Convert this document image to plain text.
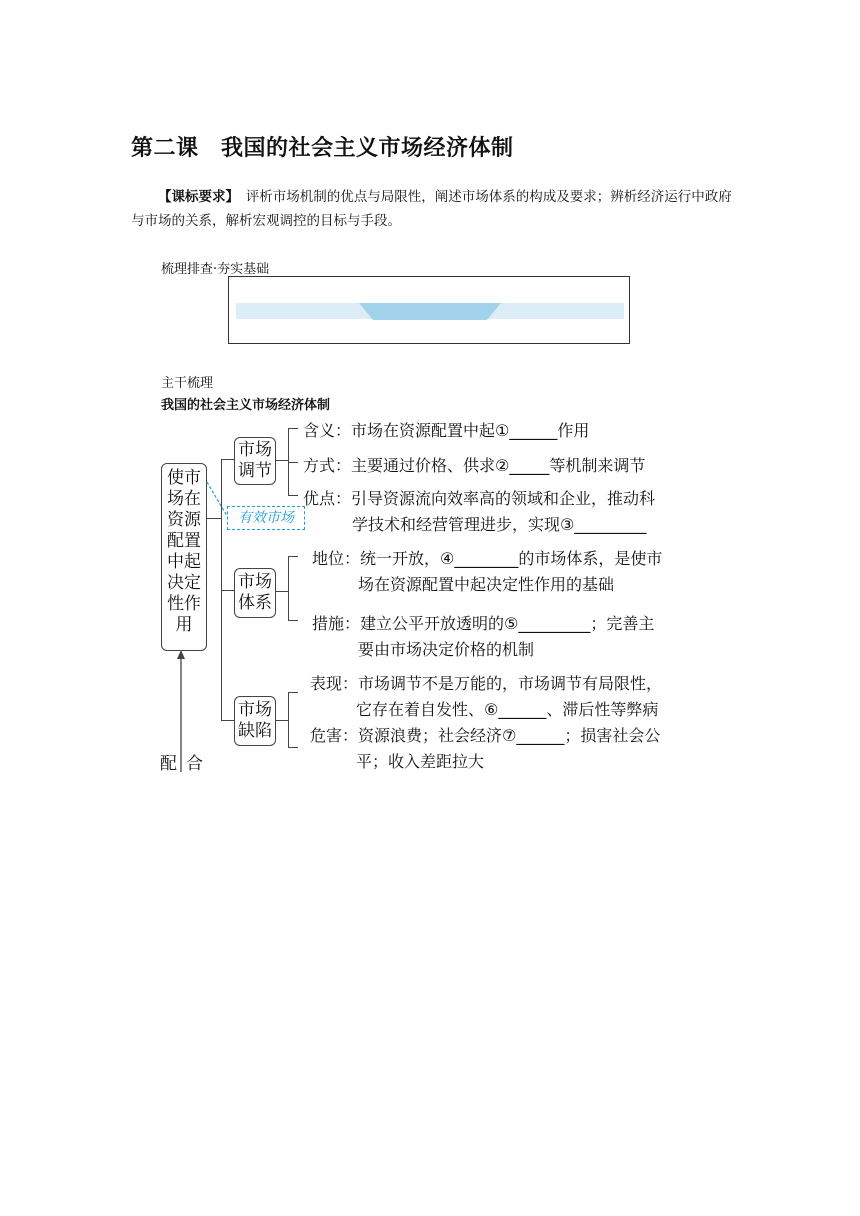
第二课　我国的社会主义市场经济体制

【课标要求】　 评析市场机制的优点与局限性，阐述市场体系的构成及要求；辨析经济运行中政府与市场的关系，解析宏观调控的目标与手段。

梳理排查·夯实基础
主干梳理
我国的社会主义市场经济体制
使市
场在
资源
配置
中起
决定
性作
用
有效市场
市场
调节
含义：市场在资源配置中起①______作用
方式：主要通过价格、供求②_____等机制来调节
优点：引导资源流向效率高的领域和企业，推动科
学技术和经营管理进步，实现③_________
市场
体系
地位：统一开放，④________的市场体系，是使市
场在资源配置中起决定性作用的基础
措施：建立公平开放透明的⑤_________；完善主
要由市场决定价格的机制
市场
缺陷
表现：市场调节不是万能的，市场调节有局限性，
它存在着自发性、⑥______、滞后性等弊病
危害：资源浪费；社会经济⑦______；损害社会公
平；收入差距拉大
配 合
